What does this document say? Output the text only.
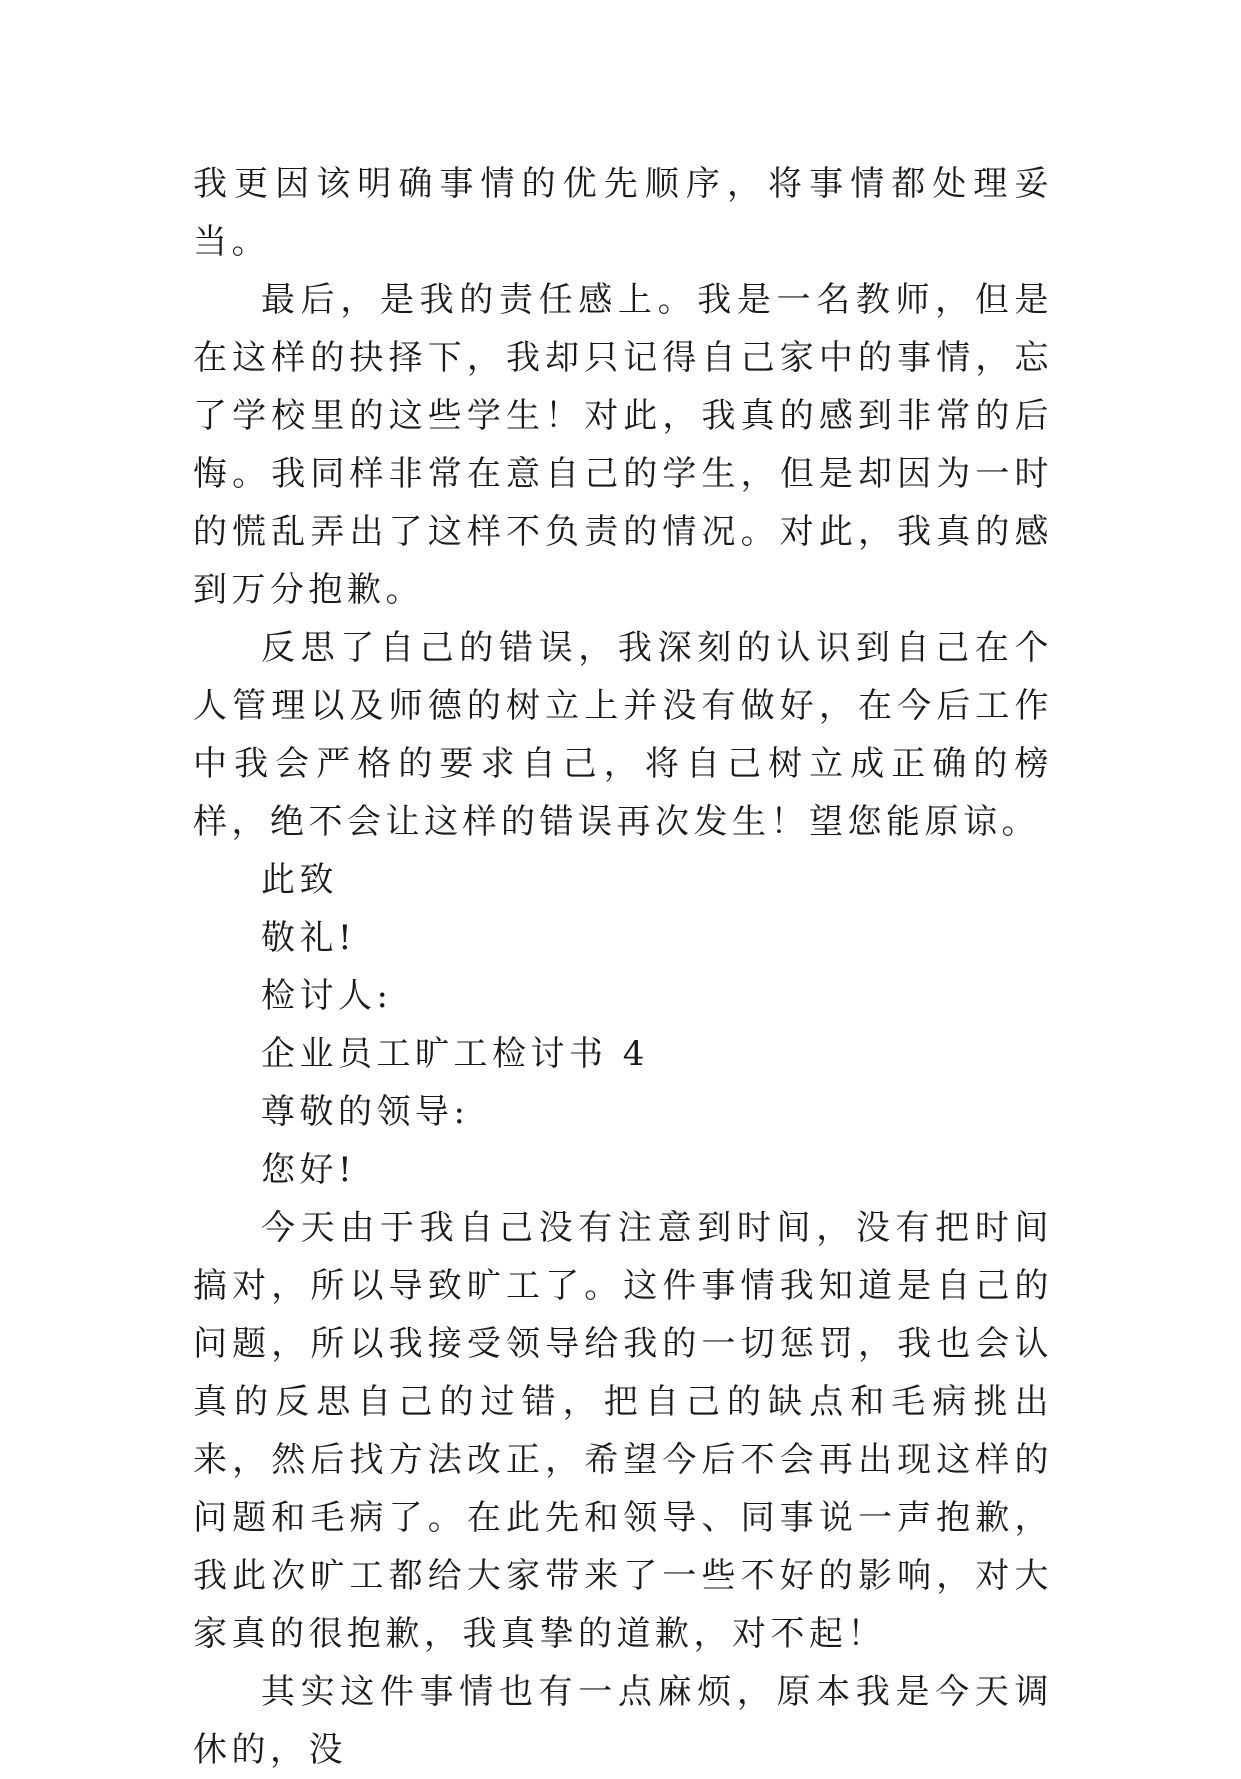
我更因该明确事情的优先顺序，将事情都处理妥当。

最后，是我的责任感上。我是一名教师，但是在这样的抉择下，我却只记得自己家中的事情，忘了学校里的这些学生！对此，我真的感到非常的后悔。我同样非常在意自己的学生，但是却因为一时的慌乱弄出了这样不负责的情况。对此，我真的感到万分抱歉。

反思了自己的错误，我深刻的认识到自己在个人管理以及师德的树立上并没有做好，在今后工作中我会严格的要求自己，将自己树立成正确的榜样，绝不会让这样的错误再次发生！望您能原谅。

此致

敬礼!

检讨人:

企业员工旷工检讨书 4

尊敬的领导:

您好!

今天由于我自己没有注意到时间，没有把时间搞对，所以导致旷工了。这件事情我知道是自己的问题，所以我接受领导给我的一切惩罚，我也会认真的反思自己的过错，把自己的缺点和毛病挑出来，然后找方法改正，希望今后不会再出现这样的问题和毛病了。在此先和领导、同事说一声抱歉，我此次旷工都给大家带来了一些不好的影响，对大家真的很抱歉，我真挚的道歉，对不起！

其实这件事情也有一点麻烦，原本我是今天调休的，没
